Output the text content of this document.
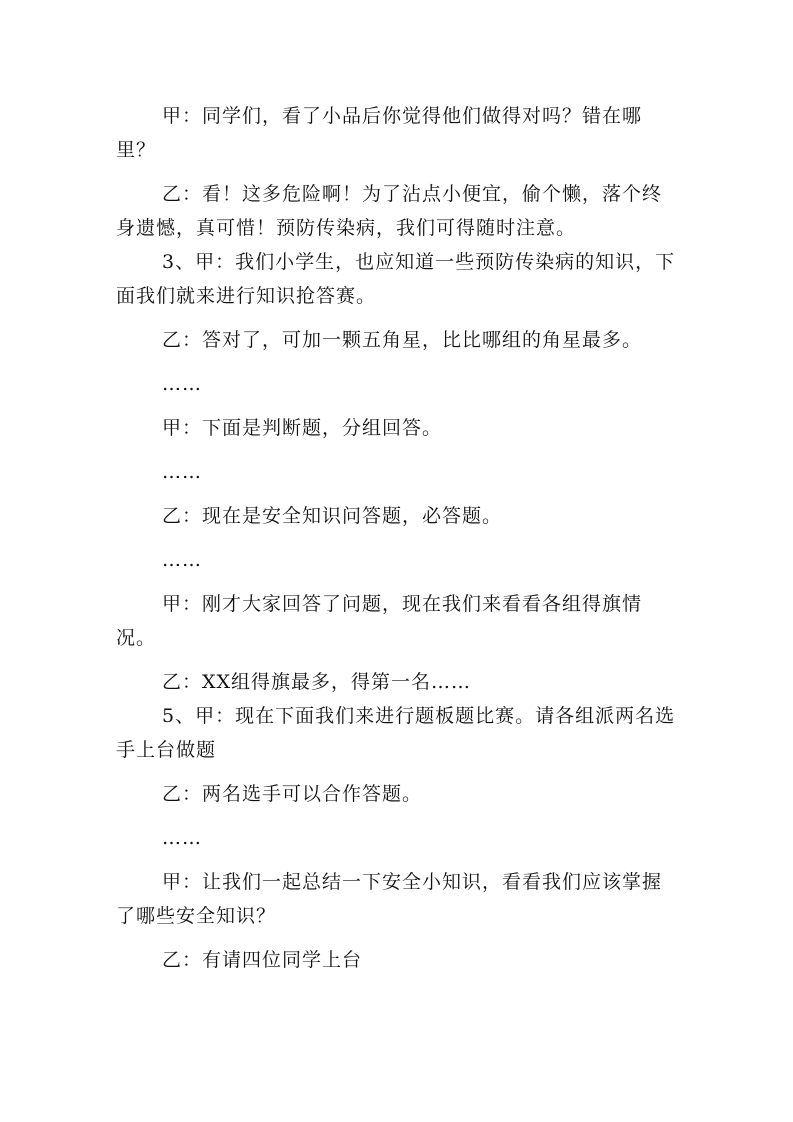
甲：同学们，看了小品后你觉得他们做得对吗？错在哪里？

乙：看！这多危险啊！为了沾点小便宜，偷个懒，落个终身遗憾，真可惜！预防传染病，我们可得随时注意。

3、甲：我们小学生，也应知道一些预防传染病的知识，下面我们就来进行知识抢答赛。

乙：答对了，可加一颗五角星，比比哪组的角星最多。

……

甲：下面是判断题，分组回答。

……

乙：现在是安全知识问答题，必答题。

……

甲：刚才大家回答了问题，现在我们来看看各组得旗情况。

乙：XX组得旗最多，得第一名……

5、甲：现在下面我们来进行题板题比赛。请各组派两名选手上台做题

乙：两名选手可以合作答题。

……

甲：让我们一起总结一下安全小知识，看看我们应该掌握了哪些安全知识？

乙：有请四位同学上台
